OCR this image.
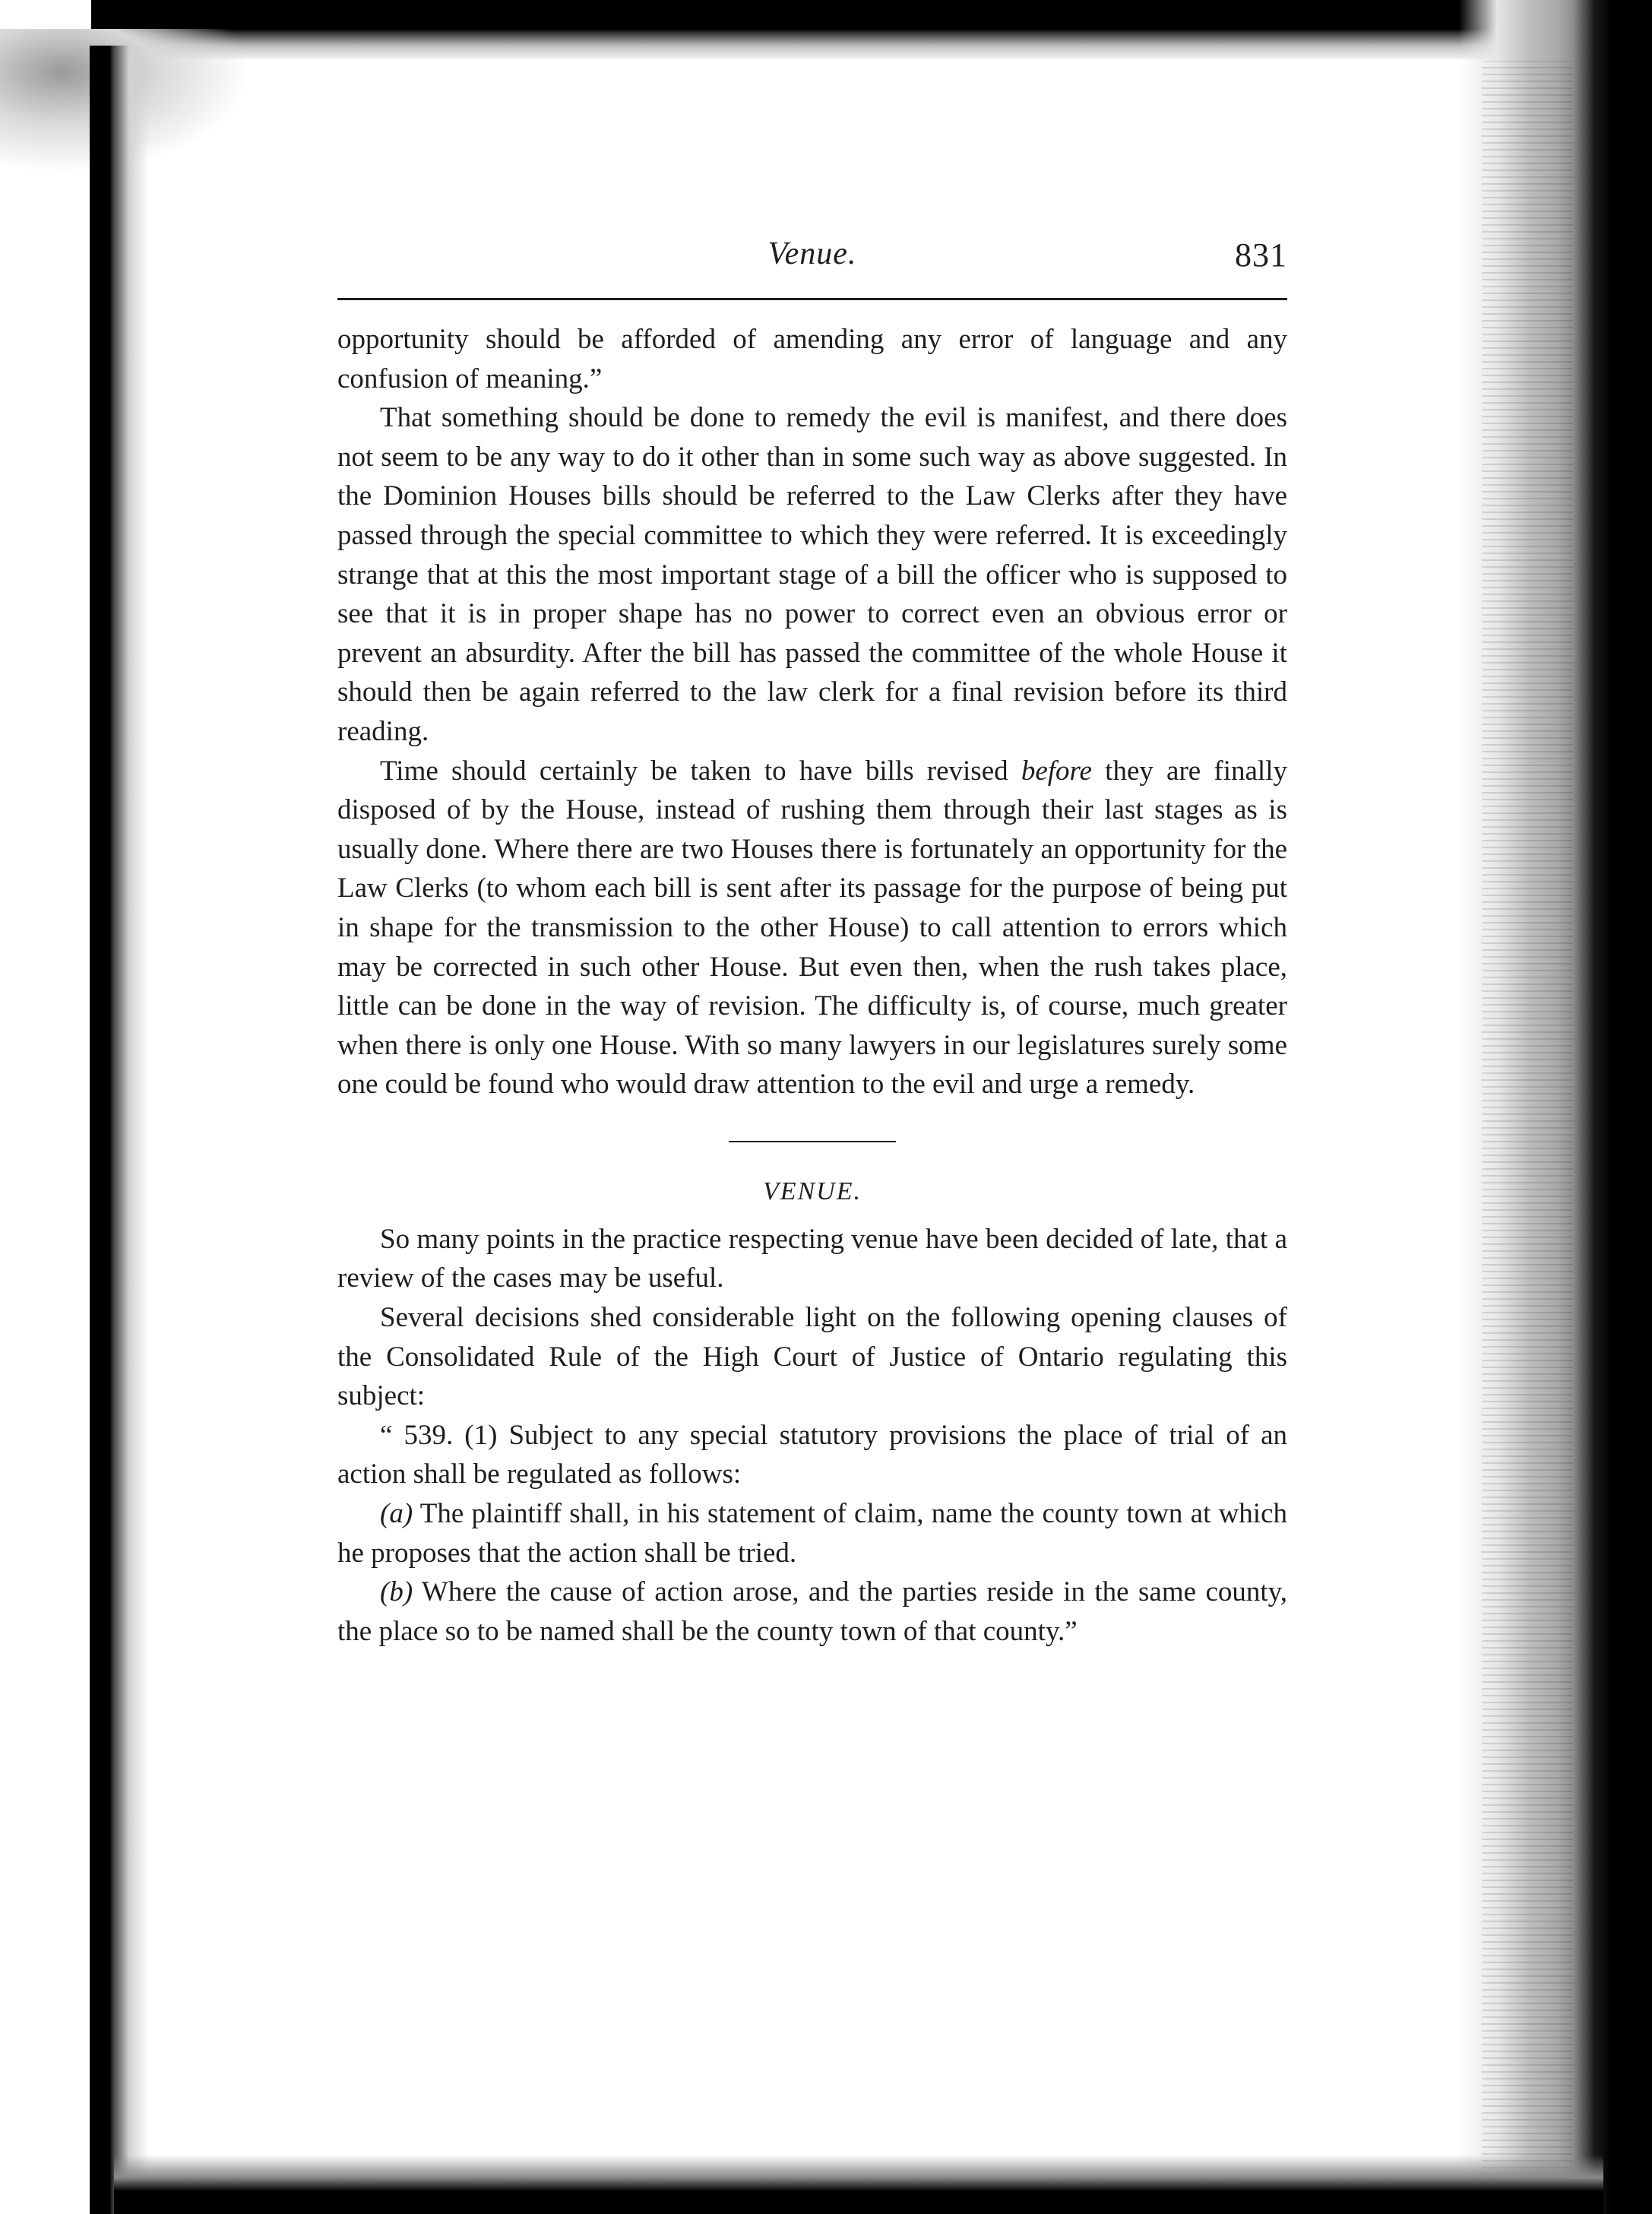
Venue.	831

opportunity should be afforded of amending any error of language and any confusion of meaning.”

That something should be done to remedy the evil is manifest, and there does not seem to be any way to do it other than in some such way as above suggested. In the Dominion Houses bills should be referred to the Law Clerks after they have passed through the special committee to which they were referred. It is exceedingly strange that at this the most important stage of a bill the officer who is supposed to see that it is in proper shape has no power to correct even an obvious error or prevent an absurdity. After the bill has passed the committee of the whole House it should then be again referred to the law clerk for a final revision before its third reading.

Time should certainly be taken to have bills revised before they are finally disposed of by the House, instead of rushing them through their last stages as is usually done. Where there are two Houses there is fortunately an opportunity for the Law Clerks (to whom each bill is sent after its passage for the purpose of being put in shape for the transmission to the other House) to call attention to errors which may be corrected in such other House. But even then, when the rush takes place, little can be done in the way of revision. The difficulty is, of course, much greater when there is only one House. With so many lawyers in our legislatures surely some one could be found who would draw attention to the evil and urge a remedy.

VENUE.

So many points in the practice respecting venue have been decided of late, that a review of the cases may be useful.

Several decisions shed considerable light on the following opening clauses of the Consolidated Rule of the High Court of Justice of Ontario regulating this subject:

“ 539. (1) Subject to any special statutory provisions the place of trial of an action shall be regulated as follows:

(a) The plaintiff shall, in his statement of claim, name the county town at which he proposes that the action shall be tried.

(b) Where the cause of action arose, and the parties reside in the same county, the place so to be named shall be the county town of that county.”
